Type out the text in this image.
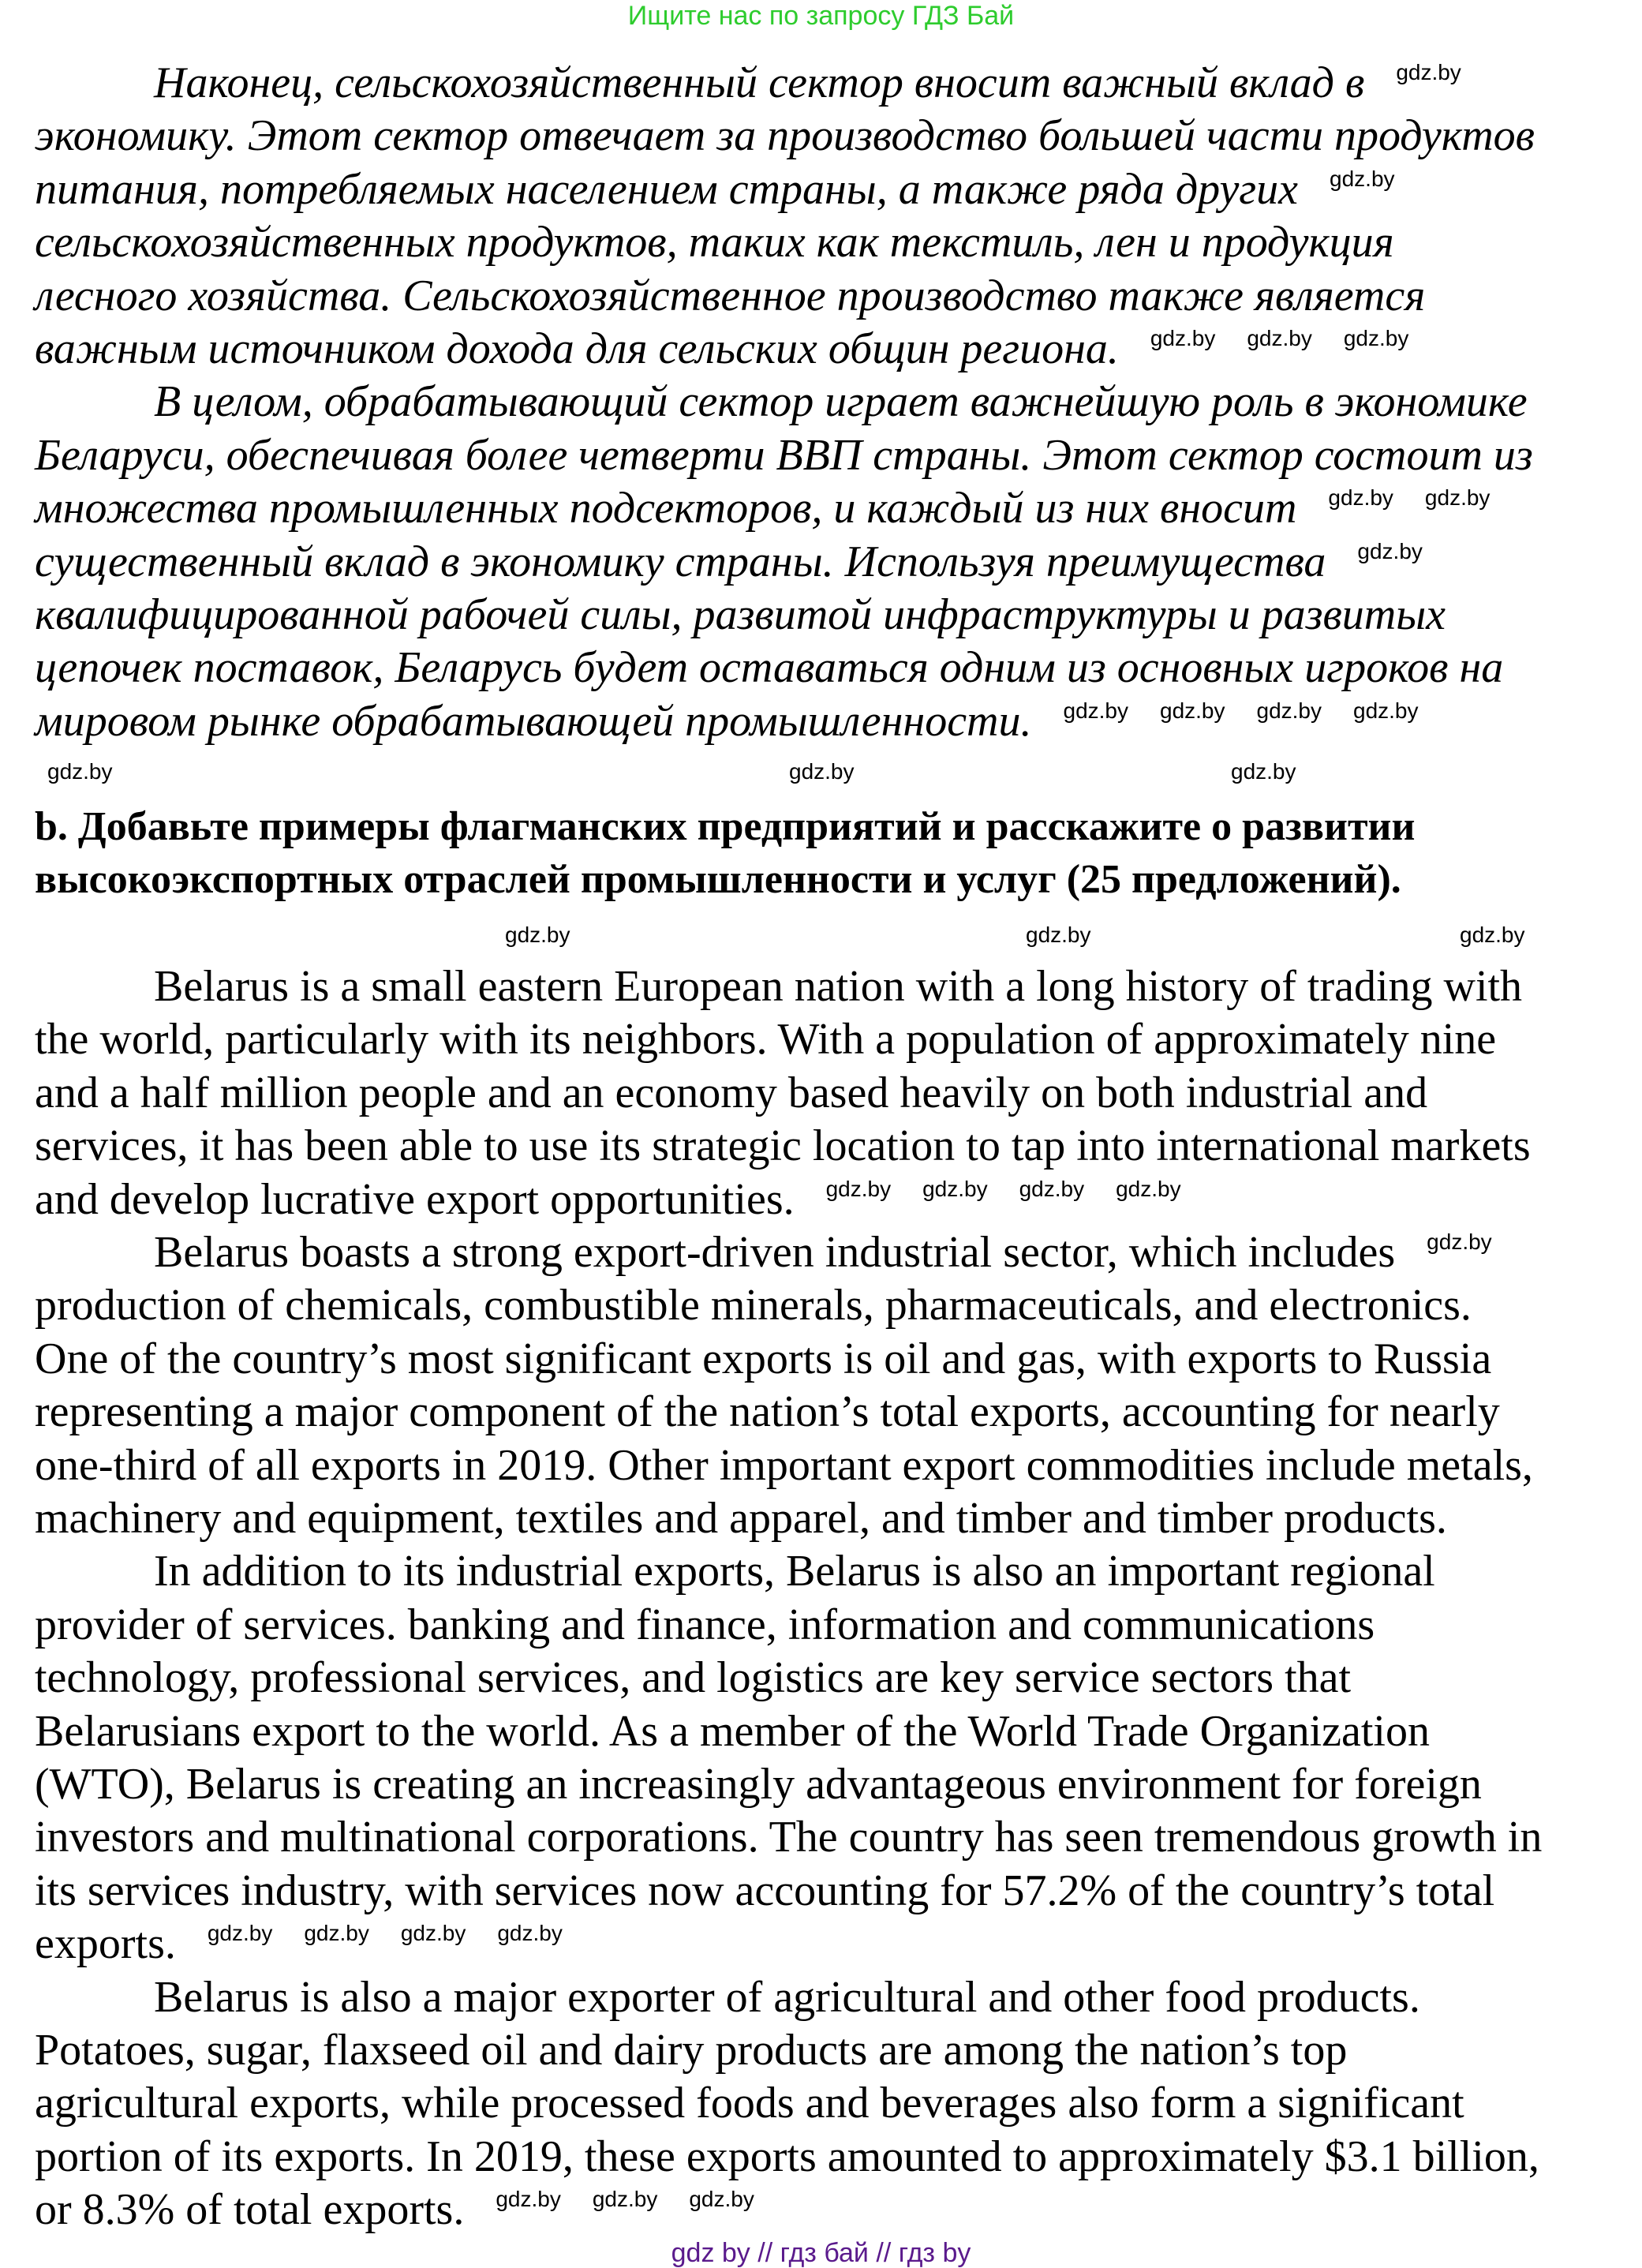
Ищите нас по запросу ГДЗ Бай
Наконец, сельскохозяйственный сектор вносит важный вклад в gdz.by
экономику. Этот сектор отвечает за производство большей части продуктов
питания, потребляемых населением страны, а также ряда других gdz.by
сельскохозяйственных продуктов, таких как текстиль, лен и продукция
лесного хозяйства. Сельскохозяйственное производство также является
важным источником дохода для сельских общин региона. gdz.by gdz.by gdz.by
В целом, обрабатывающий сектор играет важнейшую роль в экономике
Беларуси, обеспечивая более четверти ВВП страны. Этот сектор состоит из
множества промышленных подсекторов, и каждый из них вносит gdz.by gdz.by
существенный вклад в экономику страны. Используя преимущества gdz.by
квалифицированной рабочей силы, развитой инфраструктуры и развитых
цепочек поставок, Беларусь будет оставаться одним из основных игроков на
мировом рынке обрабатывающей промышленности. gdz.by gdz.by gdz.by gdz.by
b. Добавьте примеры флагманских предприятий и расскажите о развитии
высокоэкспортных отраслей промышленности и услуг (25 предложений).
Belarus is a small eastern European nation with a long history of trading with
the world, particularly with its neighbors. With a population of approximately nine
and a half million people and an economy based heavily on both industrial and
services, it has been able to use its strategic location to tap into international markets
and develop lucrative export opportunities. gdz.by gdz.by gdz.by gdz.by
Belarus boasts a strong export-driven industrial sector, which includes gdz.by
production of chemicals, combustible minerals, pharmaceuticals, and electronics.
One of the country’s most significant exports is oil and gas, with exports to Russia
representing a major component of the nation’s total exports, accounting for nearly
one-third of all exports in 2019. Other important export commodities include metals,
machinery and equipment, textiles and apparel, and timber and timber products.
In addition to its industrial exports, Belarus is also an important regional
provider of services. banking and finance, information and communications
technology, professional services, and logistics are key service sectors that
Belarusians export to the world. As a member of the World Trade Organization
(WTO), Belarus is creating an increasingly advantageous environment for foreign
investors and multinational corporations. The country has seen tremendous growth in
its services industry, with services now accounting for 57.2% of the country’s total
exports. gdz.by gdz.by gdz.by gdz.by
Belarus is also a major exporter of agricultural and other food products.
Potatoes, sugar, flaxseed oil and dairy products are among the nation’s top
agricultural exports, while processed foods and beverages also form a significant
portion of its exports. In 2019, these exports amounted to approximately $3.1 billion,
or 8.3% of total exports. gdz.by gdz.by gdz.by
gdz.by	gdz.by	gdz.by
gdz.by	gdz.by	gdz.by
gdz by // гдз бай // гдз by
